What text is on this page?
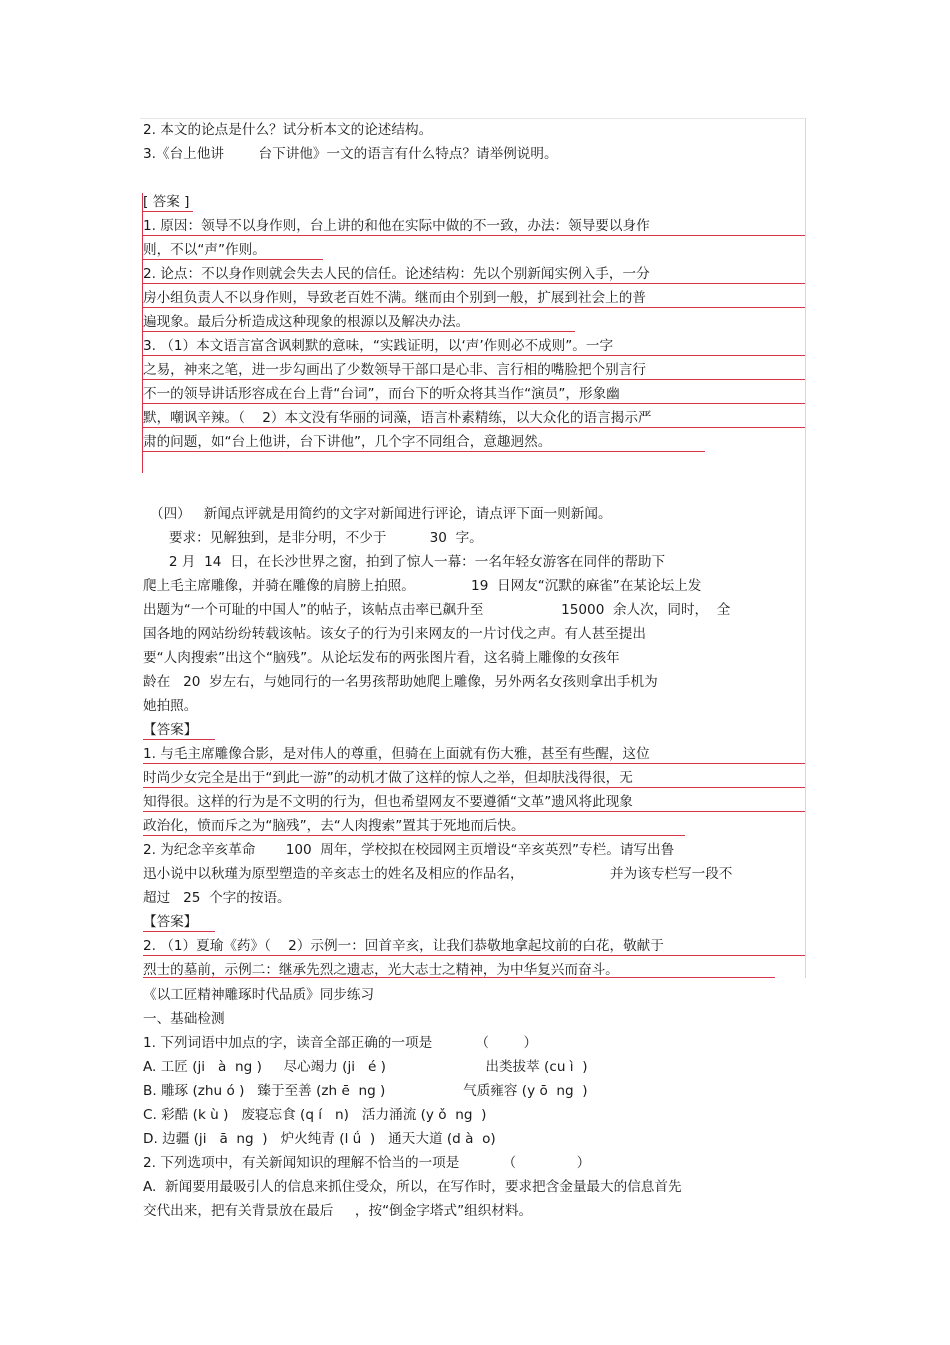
2. 本文的论点是什么？试分析本文的论述结构。
3.《台上他讲        台下讲他》一文的语言有什么特点？请举例说明。
[ 答案 ]
1. 原因：领导不以身作则，台上讲的和他在实际中做的不一致，办法：领导要以身作
则，不以“声”作则。
2. 论点：不以身作则就会失去人民的信任。论述结构：先以个别新闻实例入手，一分
房小组负责人不以身作则，导致老百姓不满。继而由个别到一般，扩展到社会上的普
遍现象。最后分析造成这种现象的根源以及解决办法。
3. （1）本文语言富含讽刺默的意味，“实践证明，以‘声’作则必不成则”。一字
之易，神来之笔，进一步勾画出了少数领导干部口是心非、言行相的嘴脸把个别言行
不一的领导讲话形容成在台上背“台词”，而台下的听众将其当作“演员”，形象幽
默，嘲讽辛辣。（    2）本文没有华丽的词藻，语言朴素精练，以大众化的语言揭示严
肃的问题，如“台上他讲，台下讲他”，几个字不同组合，意趣迥然。
（四）   新闻点评就是用简约的文字对新闻进行评论，请点评下面一则新闻。
要求：见解独到，是非分明，不少于          30  字。
2 月  14  日，在长沙世界之窗，拍到了惊人一幕：一名年轻女游客在同伴的帮助下
爬上毛主席雕像，并骑在雕像的肩膀上拍照。             19  日网友“沉默的麻雀”在某论坛上发
出题为“一个可耻的中国人”的帖子，该帖点击率已飙升至                  15000  余人次，同时，  全
国各地的网站纷纷转载该帖。该女子的行为引来网友的一片讨伐之声。有人甚至提出
要“人肉搜索”出这个“脑残”。从论坛发布的两张图片看，这名骑上雕像的女孩年
龄在   20  岁左右，与她同行的一名男孩帮助她爬上雕像，另外两名女孩则拿出手机为
她拍照。
【答案】
1. 与毛主席雕像合影，是对伟人的尊重，但骑在上面就有伤大雅，甚至有些醒，这位
时尚少女完全是出于“到此一游”的动机才做了这样的惊人之举，但却肤浅得很，无
知得很。这样的行为是不文明的行为，但也希望网友不要遵循“文革”遗风将此现象
政治化，愤而斥之为“脑残”，去“人肉搜索”置其于死地而后快。
2. 为纪念辛亥革命       100  周年，学校拟在校园网主页增设“辛亥英烈”专栏。请写出鲁
迅小说中以秋瑾为原型塑造的辛亥志士的姓名及相应的作品名，                    并为该专栏写一段不
超过   25  个字的按语。
【答案】
2. （1）夏瑜《药》（    2）示例一：回首辛亥，让我们恭敬地拿起坟前的白花，敬献于
烈士的墓前，示例二：继承先烈之遗志，光大志士之精神，为中华复兴而奋斗。
《以工匠精神雕琢时代品质》同步练习
一、基础检测
1. 下列词语中加点的字，读音全部正确的一项是          （        ）
A. 工匠 (ji   à  ng )     尽心竭力 (ji   é )                       出类拔萃 (cu ì  )
B. 雕琢 (zhu ó )   臻于至善 (zh ē  ng )                  气质雍容 (y ō  ng  )
C. 彩酷 (k ù )   废寝忘食 (q í   n)   活力涌流 (y ǒ  ng  )
D. 边疆 (ji   ā  ng  )   炉火纯青 (l ǘ  )   通天大道 (d à  o)
2. 下列选项中，有关新闻知识的理解不恰当的一项是          （              ）
A.  新闻要用最吸引人的信息来抓住受众，所以，在写作时，要求把含金量最大的信息首先
交代出来，把有关背景放在最后     ，按“倒金字塔式”组织材料。
